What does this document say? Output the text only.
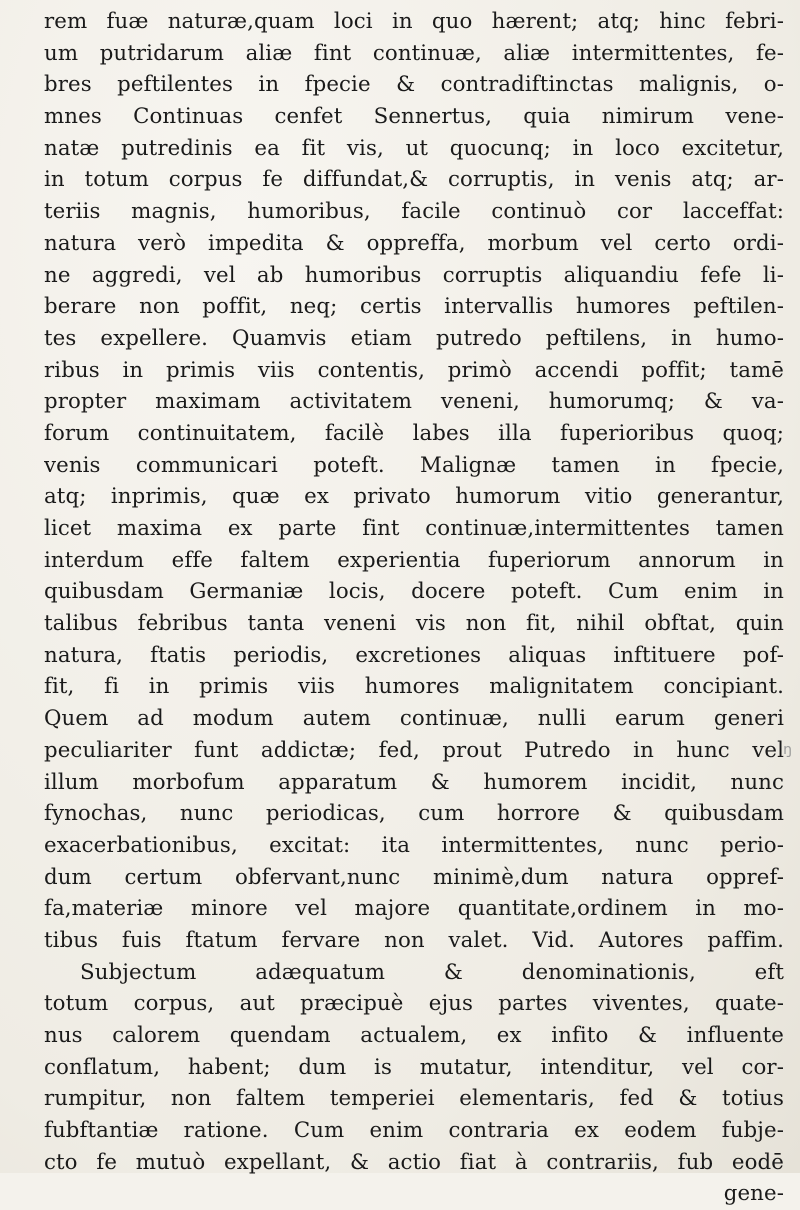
rem fuæ naturæ,quam loci in quo hærent; atq; hinc febri-
um putridarum aliæ fint continuæ, aliæ intermittentes, fe-
bres peftilentes in fpecie & contradiftinctas malignis, o-
mnes Continuas cenfet Sennertus, quia nimirum vene-
natæ putredinis ea fit vis, ut quocunq; in loco excitetur,
in totum corpus fe diffundat,& corruptis, in venis atq; ar-
teriis magnis, humoribus, facile continuò cor lacceffat:
natura verò impedita & oppreffa, morbum vel certo ordi-
ne aggredi, vel ab humoribus corruptis aliquandiu fefe li-
berare non poffit, neq; certis intervallis humores peftilen-
tes expellere. Quamvis etiam putredo peftilens, in humo-
ribus in primis viis contentis, primò accendi poffit; tamē
propter maximam activitatem veneni, humorumq; & va-
forum continuitatem, facilè labes illa fuperioribus quoq;
venis communicari poteft. Malignæ tamen in fpecie,
atq; inprimis, quæ ex privato humorum vitio generantur,
licet maxima ex parte fint continuæ,intermittentes tamen
interdum effe faltem experientia fuperiorum annorum in
quibusdam Germaniæ locis, docere poteft. Cum enim in
talibus febribus tanta veneni vis non fit, nihil obftat, quin
natura, ftatis periodis, excretiones aliquas inftituere pof-
fit, fi in primis viis humores malignitatem concipiant.
Quem ad modum autem continuæ, nulli earum generi
peculiariter funt addictæ; fed, prout Putredo in hunc vel
illum morbofum apparatum & humorem incidit, nunc
fynochas, nunc periodicas, cum horrore & quibusdam
exacerbationibus, excitat: ita intermittentes, nunc perio-
dum certum obfervant,nunc minimè,dum natura oppref-
fa,materiæ minore vel majore quantitate,ordinem in mo-
tibus fuis ftatum fervare non valet. Vid. Autores paffim.
Subjectum adæquatum & denominationis, eft
totum corpus, aut præcipuè ejus partes viventes, quate-
nus calorem quendam actualem, ex infito & influente
conflatum, habent; dum is mutatur, intenditur, vel cor-
rumpitur, non faltem temperiei elementaris, fed & totius
fubftantiæ ratione. Cum enim contraria ex eodem fubje-
cto fe mutuò expellant, & actio fiat à contrariis, fub eodē
gene-
ŋ
